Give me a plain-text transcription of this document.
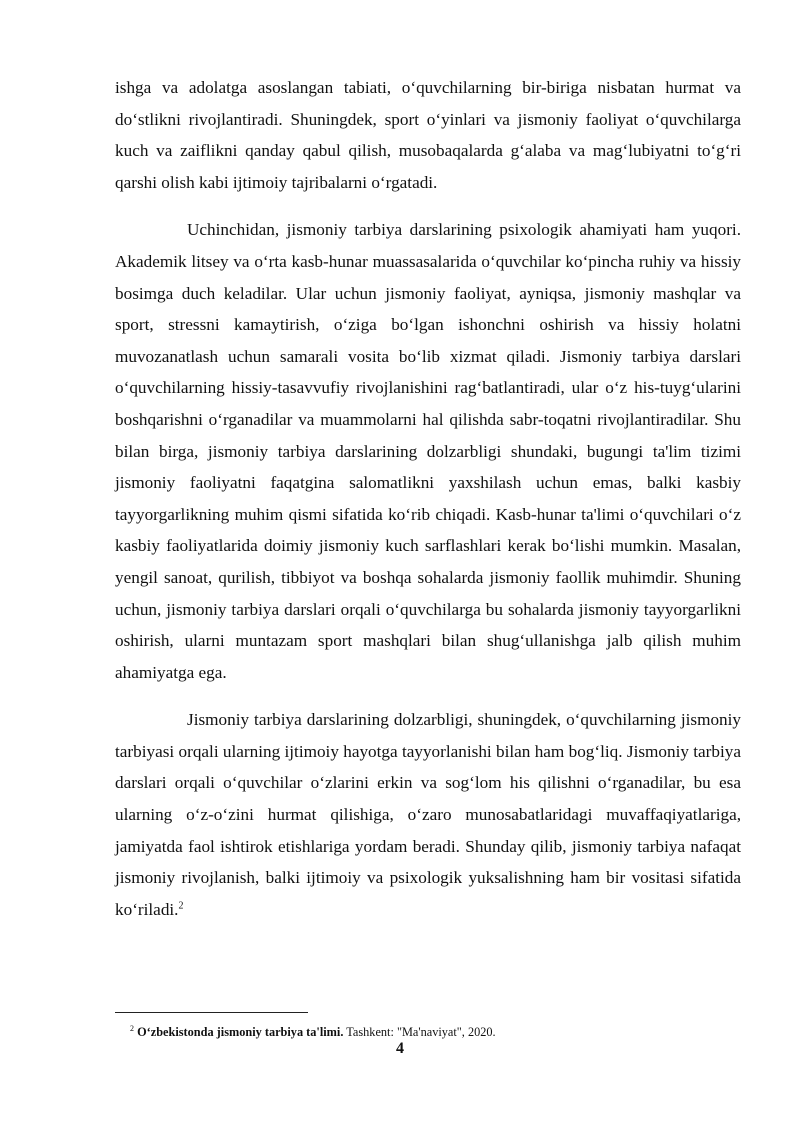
ishga va adolatga asoslangan tabiati, oʻquvchilarning bir-biriga nisbatan hurmat va doʻstlikni rivojlantiradi. Shuningdek, sport oʻyinlari va jismoniy faoliyat oʻquvchilarga kuch va zaiflikni qanday qabul qilish, musobaqalarda gʻalaba va magʻlubiyatni toʻgʻri qarshi olish kabi ijtimoiy tajribalarni oʻrgatadi.

Uchinchidan, jismoniy tarbiya darslarining psixologik ahamiyati ham yuqori. Akademik litsey va oʻrta kasb-hunar muassasalarida oʻquvchilar koʻpincha ruhiy va hissiy bosimga duch keladilar. Ular uchun jismoniy faoliyat, ayniqsa, jismoniy mashqlar va sport, stressni kamaytirish, oʻziga boʻlgan ishonchni oshirish va hissiy holatni muvozanatlash uchun samarali vosita boʻlib xizmat qiladi. Jismoniy tarbiya darslari oʻquvchilarning hissiy-tasavvufiy rivojlanishini ragʻbatlantiradi, ular oʻz his-tuygʻularini boshqarishni oʻrganadilar va muammolarni hal qilishda sabr-toqatni rivojlantiradilar. Shu bilan birga, jismoniy tarbiya darslarining dolzarbligi shundaki, bugungi ta'lim tizimi jismoniy faoliyatni faqatgina salomatlikni yaxshilash uchun emas, balki kasbiy tayyorgarlikning muhim qismi sifatida koʻrib chiqadi. Kasb-hunar ta'limi oʻquvchilari oʻz kasbiy faoliyatlarida doimiy jismoniy kuch sarflashlari kerak boʻlishi mumkin. Masalan, yengil sanoat, qurilish, tibbiyot va boshqa sohalarda jismoniy faollik muhimdir. Shuning uchun, jismoniy tarbiya darslari orqali oʻquvchilarga bu sohalarda jismoniy tayyorgarlikni oshirish, ularni muntazam sport mashqlari bilan shugʻullanishga jalb qilish muhim ahamiyatga ega.

Jismoniy tarbiya darslarining dolzarbligi, shuningdek, oʻquvchilarning jismoniy tarbiyasi orqali ularning ijtimoiy hayotga tayyorlanishi bilan ham bogʻliq. Jismoniy tarbiya darslari orqali oʻquvchilar oʻzlarini erkin va sogʻlom his qilishni oʻrganadilar, bu esa ularning oʻz-oʻzini hurmat qilishiga, oʻzaro munosabatlaridagi muvaffaqiyatlariga, jamiyatda faol ishtirok etishlariga yordam beradi. Shunday qilib, jismoniy tarbiya nafaqat jismoniy rivojlanish, balki ijtimoiy va psixologik yuksalishning ham bir vositasi sifatida koʻriladi.$^2$

$^2$ Oʻzbekistonda jismoniy tarbiya ta'limi. Tashkent: "Ma'naviyat", 2020.
4
